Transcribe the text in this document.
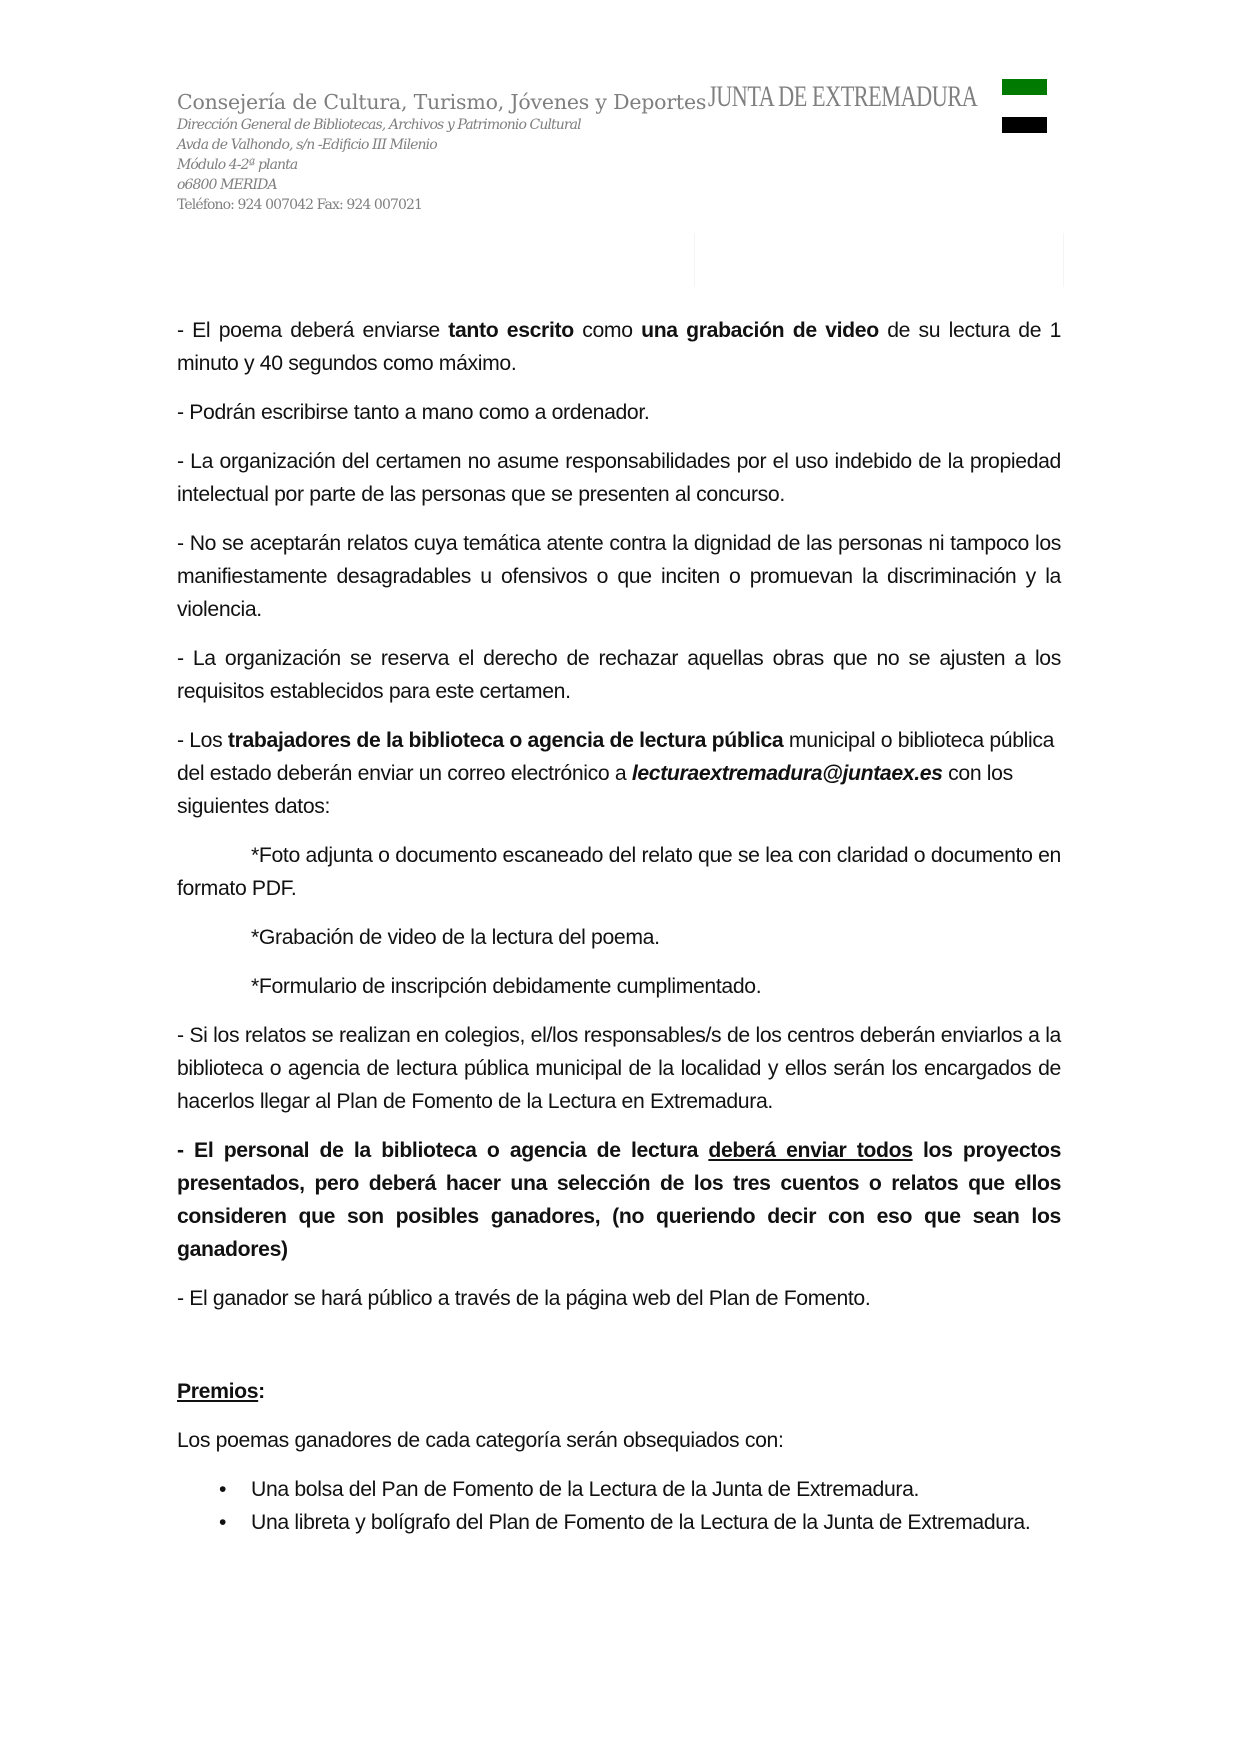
Consejería de Cultura, Turismo, Jóvenes y Deportes
Dirección General de Bibliotecas, Archivos y Patrimonio Cultural
Avda de Valhondo, s/n -Edificio III Milenio
Módulo 4-2ª planta
o6800 MERIDA
Teléfono: 924 007042 Fax: 924 007021
JUNTA DE EXTREMADURA

- El poema deberá enviarse tanto escrito como una grabación de video de su lectura de 1 minuto y 40 segundos como máximo.

- Podrán escribirse tanto a mano como a ordenador.

- La organización del certamen no asume responsabilidades por el uso indebido de la propiedad intelectual por parte de las personas que se presenten al concurso.

- No se aceptarán relatos cuya temática atente contra la dignidad de las personas ni tampoco los manifiestamente desagradables u ofensivos o que inciten o promuevan la discriminación y la violencia.

- La organización se reserva el derecho de rechazar aquellas obras que no se ajusten a los requisitos establecidos para este certamen.

- Los trabajadores de la biblioteca o agencia de lectura pública municipal o biblioteca pública del estado deberán enviar un correo electrónico a lecturaextremadura@juntaex.es con los siguientes datos:

*Foto adjunta o documento escaneado del relato que se lea con claridad o documento en formato PDF.

*Grabación de video de la lectura del poema.

*Formulario de inscripción debidamente cumplimentado.

- Si los relatos se realizan en colegios, el/los responsables/s de los centros deberán enviarlos a la biblioteca o agencia de lectura pública municipal de la localidad y ellos serán los encargados de hacerlos llegar al Plan de Fomento de la Lectura en Extremadura.

- El personal de la biblioteca o agencia de lectura deberá enviar todos los proyectos presentados, pero deberá hacer una selección de los tres cuentos o relatos que ellos consideren que son posibles ganadores, (no queriendo decir con eso que sean los ganadores)

- El ganador se hará público a través de la página web del Plan de Fomento.

Premios:

Los poemas ganadores de cada categoría serán obsequiados con:

• Una bolsa del Pan de Fomento de la Lectura de la Junta de Extremadura.
• Una libreta y bolígrafo del Plan de Fomento de la Lectura de la Junta de Extremadura.
